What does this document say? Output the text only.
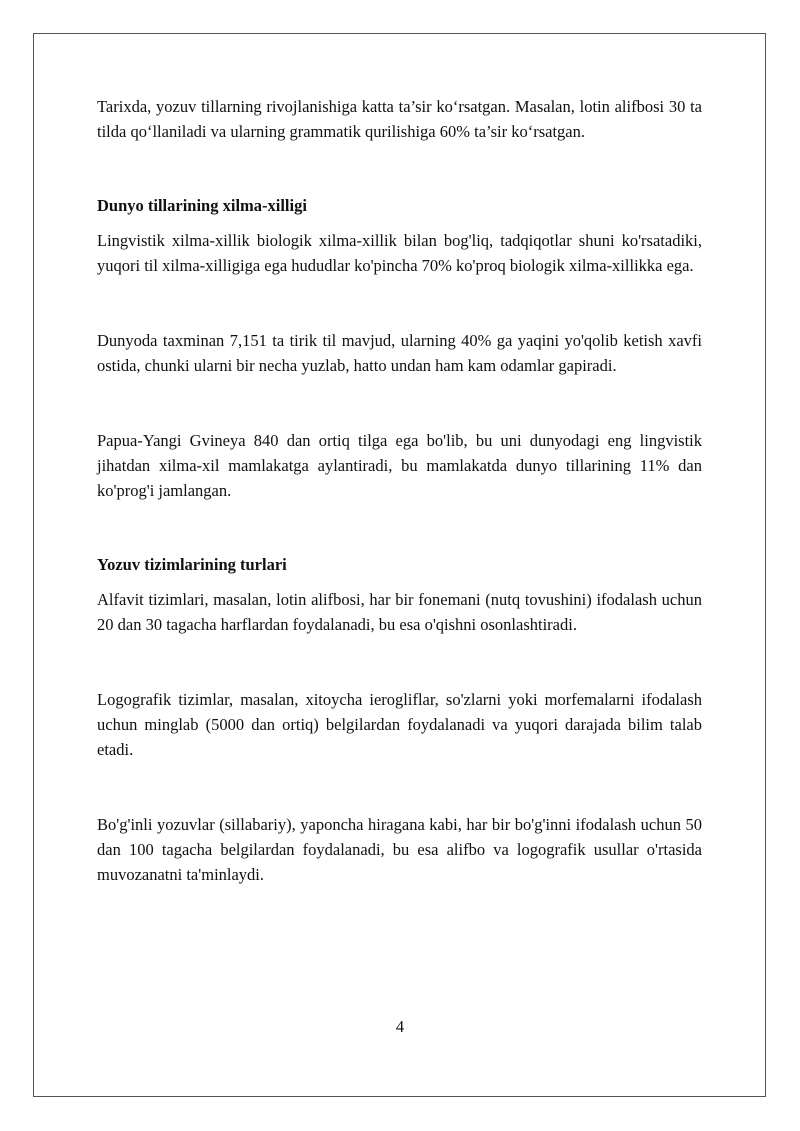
Tarixda, yozuv tillarning rivojlanishiga katta ta’sir ko‘rsatgan. Masalan, lotin alifbosi 30 ta tilda qo‘llaniladi va ularning grammatik qurilishiga 60% ta’sir ko‘rsatgan.

Dunyo tillarining xilma-xilligi

Lingvistik xilma-xillik biologik xilma-xillik bilan bog'liq, tadqiqotlar shuni ko'rsatadiki, yuqori til xilma-xilligiga ega hududlar ko'pincha 70% ko'proq biologik xilma-xillikka ega.

Dunyoda taxminan 7,151 ta tirik til mavjud, ularning 40% ga yaqini yo'qolib ketish xavfi ostida, chunki ularni bir necha yuzlab, hatto undan ham kam odamlar gapiradi.

Papua-Yangi Gvineya 840 dan ortiq tilga ega bo'lib, bu uni dunyodagi eng lingvistik jihatdan xilma-xil mamlakatga aylantiradi, bu mamlakatda dunyo tillarining 11% dan ko'prog'i jamlangan.

Yozuv tizimlarining turlari

Alfavit tizimlari, masalan, lotin alifbosi, har bir fonemani (nutq tovushini) ifodalash uchun 20 dan 30 tagacha harflardan foydalanadi, bu esa o'qishni osonlashtiradi.

Logografik tizimlar, masalan, xitoycha ierogliflar, so'zlarni yoki morfemalarni ifodalash uchun minglab (5000 dan ortiq) belgilardan foydalanadi va yuqori darajada bilim talab etadi.

Bo'g'inli yozuvlar (sillabariy), yaponcha hiragana kabi, har bir bo'g'inni ifodalash uchun 50 dan 100 tagacha belgilardan foydalanadi, bu esa alifbo va logografik usullar o'rtasida muvozanatni ta'minlaydi.

4
